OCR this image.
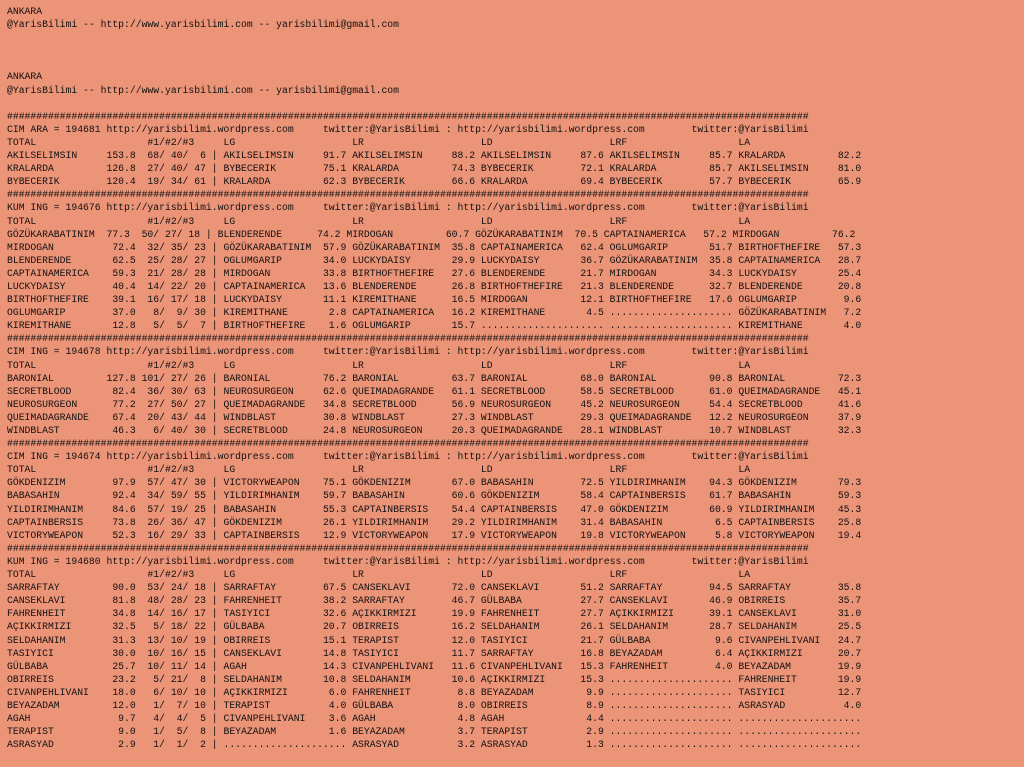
ANKARA
@YarisBilimi -- http://www.yarisbilimi.com -- yarisbilimi@gmail.com
ANKARA
@YarisBilimi -- http://www.yarisbilimi.com -- yarisbilimi@gmail.com
#########################################################################################################################################
CIM ARA = 194681 http://yarisbilimi.wordpress.com     twitter:@YarisBilimi : http://yarisbilimi.wordpress.com        twitter:@YarisBilimi
TOTAL                   #1/#2/#3     LG                    LR                    LD                    LRF                   LA
AKILSELIMSIN     153.8  68/ 40/  6 | AKILSELIMSIN     91.7 AKILSELIMSIN     88.2 AKILSELIMSIN     87.6 AKILSELIMSIN     85.7 KRALARDA         82.2
KRALARDA         126.8  27/ 40/ 47 | BYBECERIK        75.1 KRALARDA         74.3 BYBECERIK        72.1 KRALARDA         85.7 AKILSELIMSIN     81.0
BYBECERIK        120.4  19/ 34/ 61 | KRALARDA         62.3 BYBECERIK        66.6 KRALARDA         69.4 BYBECERIK        57.7 BYBECERIK        65.9
#########################################################################################################################################
KUM ING = 194676 http://yarisbilimi.wordpress.com     twitter:@YarisBilimi : http://yarisbilimi.wordpress.com        twitter:@YarisBilimi
TOTAL                   #1/#2/#3     LG                    LR                    LD                    LRF                   LA
GÖZÜKARABATINIM  77.3  50/ 27/ 18 | BLENDERENDE      74.2 MIRDOGAN         60.7 GÖZÜKARABATINIM  70.5 CAPTAINAMERICA   57.2 MIRDOGAN         76.2
MIRDOGAN          72.4  32/ 35/ 23 | GÖZÜKARABATINIM  57.9 GÖZÜKARABATINIM  35.8 CAPTAINAMERICA   62.4 OGLUMGARIP       51.7 BIRTHOFTHEFIRE   57.3
BLENDERENDE       62.5  25/ 28/ 27 | OGLUMGARIP       34.0 LUCKYDAISY       29.9 LUCKYDAISY       36.7 GÖZÜKARABATINIM  35.8 CAPTAINAMERICA   28.7
CAPTAINAMERICA    59.3  21/ 28/ 28 | MIRDOGAN         33.8 BIRTHOFTHEFIRE   27.6 BLENDERENDE      21.7 MIRDOGAN         34.3 LUCKYDAISY       25.4
LUCKYDAISY        40.4  14/ 22/ 20 | CAPTAINAMERICA   13.6 BLENDERENDE      26.8 BIRTHOFTHEFIRE   21.3 BLENDERENDE      32.7 BLENDERENDE      20.8
BIRTHOFTHEFIRE    39.1  16/ 17/ 18 | LUCKYDAISY       11.1 KIREMITHANE      16.5 MIRDOGAN         12.1 BIRTHOFTHEFIRE   17.6 OGLUMGARIP        9.6
OGLUMGARIP        37.0   8/  9/ 30 | KIREMITHANE       2.8 CAPTAINAMERICA   16.2 KIREMITHANE       4.5 ..................... GÖZÜKARABATINIM   7.2
KIREMITHANE       12.8   5/  5/  7 | BIRTHOFTHEFIRE    1.6 OGLUMGARIP       15.7 ..................... ..................... KIREMITHANE       4.0
#########################################################################################################################################
CIM ING = 194678 http://yarisbilimi.wordpress.com     twitter:@YarisBilimi : http://yarisbilimi.wordpress.com        twitter:@YarisBilimi
TOTAL                   #1/#2/#3     LG                    LR                    LD                    LRF                   LA
BARONIAL         127.8 101/ 27/ 26 | BARONIAL         76.2 BARONIAL         63.7 BARONIAL         68.0 BARONIAL         90.8 BARONIAL         72.3
SECRETBLOOD       82.4  36/ 30/ 63 | NEUROSURGEON     62.6 QUEIMADAGRANDE   61.1 SECRETBLOOD      58.5 SECRETBLOOD      61.0 QUEIMADAGRANDE   45.1
NEUROSURGEON      77.2  27/ 50/ 27 | QUEIMADAGRANDE   34.8 SECRETBLOOD      56.9 NEUROSURGEON     45.2 NEUROSURGEON     54.4 SECRETBLOOD      41.6
QUEIMADAGRANDE    67.4  20/ 43/ 44 | WINDBLAST        30.8 WINDBLAST        27.3 WINDBLAST        29.3 QUEIMADAGRANDE   12.2 NEUROSURGEON     37.9
WINDBLAST         46.3   6/ 40/ 30 | SECRETBLOOD      24.8 NEUROSURGEON     20.3 QUEIMADAGRANDE   28.1 WINDBLAST        10.7 WINDBLAST        32.3
#########################################################################################################################################
CIM ING = 194674 http://yarisbilimi.wordpress.com     twitter:@YarisBilimi : http://yarisbilimi.wordpress.com        twitter:@YarisBilimi
TOTAL                   #1/#2/#3     LG                    LR                    LD                    LRF                   LA
GÖKDENIZIM        97.9  57/ 47/ 30 | VICTORYWEAPON    75.1 GÖKDENIZIM       67.0 BABASAHIN        72.5 YILDIRIMHANIM    94.3 GÖKDENIZIM       79.3
BABASAHIN         92.4  34/ 59/ 55 | YILDIRIMHANIM    59.7 BABASAHIN        60.6 GÖKDENIZIM       58.4 CAPTAINBERSIS    61.7 BABASAHIN        59.3
YILDIRIMHANIM     84.6  57/ 19/ 25 | BABASAHIN        55.3 CAPTAINBERSIS    54.4 CAPTAINBERSIS    47.0 GÖKDENIZIM       60.9 YILDIRIMHANIM    45.3
CAPTAINBERSIS     73.8  26/ 36/ 47 | GÖKDENIZIM       26.1 YILDIRIMHANIM    29.2 YILDIRIMHANIM    31.4 BABASAHIN         6.5 CAPTAINBERSIS    25.8
VICTORYWEAPON     52.3  16/ 29/ 33 | CAPTAINBERSIS    12.9 VICTORYWEAPON    17.9 VICTORYWEAPON    19.8 VICTORYWEAPON     5.8 VICTORYWEAPON    19.4
#########################################################################################################################################
KUM ING = 194680 http://yarisbilimi.wordpress.com     twitter:@YarisBilimi : http://yarisbilimi.wordpress.com        twitter:@YarisBilimi
TOTAL                   #1/#2/#3     LG                    LR                    LD                    LRF                   LA
SARRAFTAY         90.0  53/ 24/ 18 | SARRAFTAY        67.5 CANSEKLAVI       72.0 CANSEKLAVI       51.2 SARRAFTAY        94.5 SARRAFTAY        35.8
CANSEKLAVI        81.8  48/ 28/ 23 | FAHRENHEIT       38.2 SARRAFTAY        46.7 GÜLBABA          27.7 CANSEKLAVI       46.9 OBIRREIS         35.7
FAHRENHEIT        34.8  14/ 16/ 17 | TASIYICI         32.6 AÇIKKIRMIZI      19.9 FAHRENHEIT       27.7 AÇIKKIRMIZI      39.1 CANSEKLAVI       31.0
AÇIKKIRMIZI       32.5   5/ 18/ 22 | GÜLBABA          20.7 OBIRREIS         16.2 SELDAHANIM       26.1 SELDAHANIM       28.7 SELDAHANIM       25.5
SELDAHANIM        31.3  13/ 10/ 19 | OBIRREIS         15.1 TERAPIST         12.0 TASIYICI         21.7 GÜLBABA           9.6 CIVANPEHLIVANI   24.7
TASIYICI          30.0  10/ 16/ 15 | CANSEKLAVI       14.8 TASIYICI         11.7 SARRAFTAY        16.8 BEYAZADAM         6.4 AÇIKKIRMIZI      20.7
GÜLBABA           25.7  10/ 11/ 14 | AGAH             14.3 CIVANPEHLIVANI   11.6 CIVANPEHLIVANI   15.3 FAHRENHEIT        4.0 BEYAZADAM        19.9
OBIRREIS          23.2   5/ 21/  8 | SELDAHANIM       10.8 SELDAHANIM       10.6 AÇIKKIRMIZI      15.3 ..................... FAHRENHEIT       19.9
CIVANPEHLIVANI    18.0   6/ 10/ 10 | AÇIKKIRMIZI       6.0 FAHRENHEIT        8.8 BEYAZADAM         9.9 ..................... TASIYICI         12.7
BEYAZADAM         12.0   1/  7/ 10 | TERAPIST          4.0 GÜLBABA           8.0 OBIRREIS          8.9 ..................... ASRASYAD          4.0
AGAH               9.7   4/  4/  5 | CIVANPEHLIVANI    3.6 AGAH              4.8 AGAH              4.4 ..................... .....................
TERAPIST           9.0   1/  5/  8 | BEYAZADAM         1.6 BEYAZADAM         3.7 TERAPIST          2.9 ..................... .....................
ASRASYAD           2.9   1/  1/  2 | ..................... ASRASYAD          3.2 ASRASYAD          1.3 ..................... .....................
